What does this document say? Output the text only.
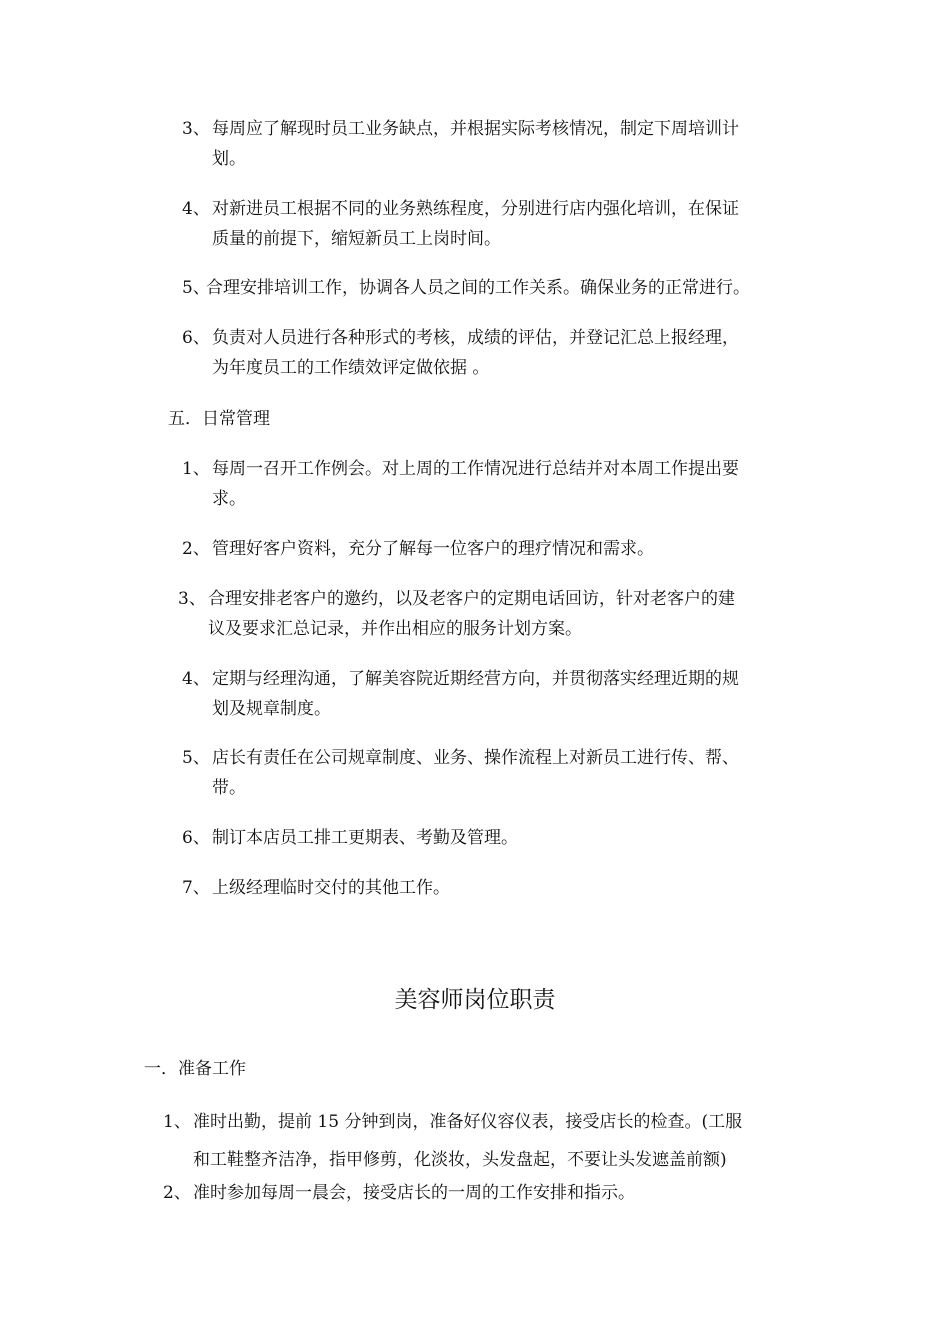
3、 每周应了解现时员工业务缺点，并根据实际考核情况，制定下周培训计
划。
4、 对新进员工根据不同的业务熟练程度，分别进行店内强化培训，在保证
质量的前提下，缩短新员工上岗时间。
5、合理安排培训工作，协调各人员之间的工作关系。确保业务的正常进行。
6、 负责对人员进行各种形式的考核，成绩的评估，并登记汇总上报经理，
为年度员工的工作绩效评定做依据 。
五．日常管理
1、 每周一召开工作例会。对上周的工作情况进行总结并对本周工作提出要
求。
2、 管理好客户资料，充分了解每一位客户的理疗情况和需求。
3、 合理安排老客户的邀约，以及老客户的定期电话回访，针对老客户的建
议及要求汇总记录，并作出相应的服务计划方案。
4、 定期与经理沟通，了解美容院近期经营方向，并贯彻落实经理近期的规
划及规章制度。
5、 店长有责任在公司规章制度、业务、操作流程上对新员工进行传、帮、
带。
6、 制订本店员工排工更期表、考勤及管理。
7、 上级经理临时交付的其他工作。
美容师岗位职责
一．准备工作
1、 准时出勤，提前 15 分钟到岗，准备好仪容仪表，接受店长的检查。(工服
和工鞋整齐洁净，指甲修剪，化淡妆，头发盘起，不要让头发遮盖前额)
2、 准时参加每周一晨会，接受店长的一周的工作安排和指示。
